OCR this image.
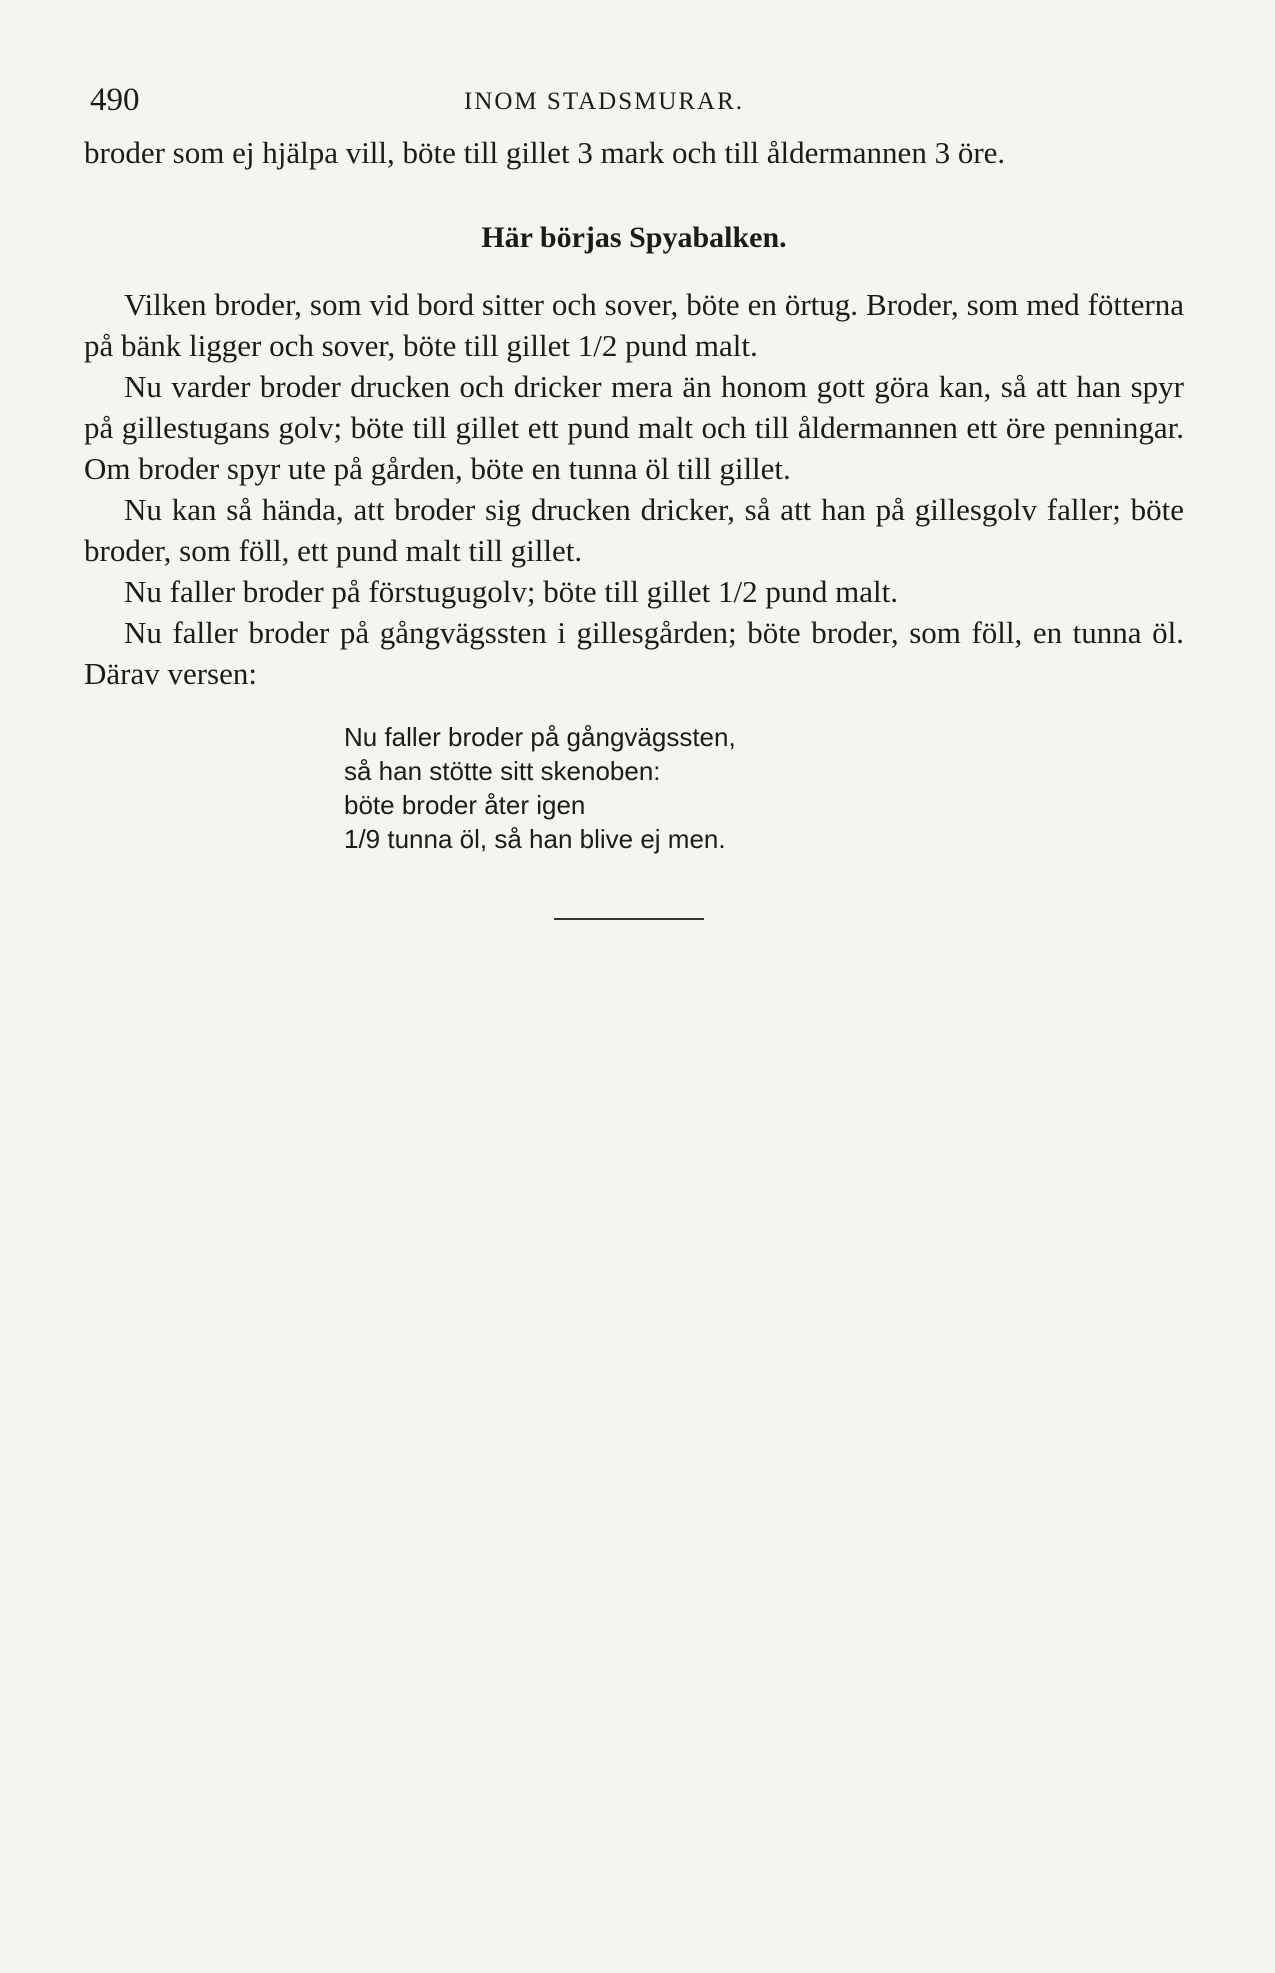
490	INOM STADSMURAR.

broder som ej hjälpa vill, böte till gillet 3 mark och till åldermannen 3 öre.

Här börjas Spyabalken.

Vilken broder, som vid bord sitter och sover, böte en örtug. Broder, som med fötterna på bänk ligger och sover, böte till gillet 1/2 pund malt.

Nu varder broder drucken och dricker mera än honom gott göra kan, så att han spyr på gillestugans golv; böte till gillet ett pund malt och till åldermannen ett öre penningar. Om broder spyr ute på gården, böte en tunna öl till gillet.

Nu kan så hända, att broder sig drucken dricker, så att han på gillesgolv faller; böte broder, som föll, ett pund malt till gillet.

Nu faller broder på förstugugolv; böte till gillet 1/2 pund malt.

Nu faller broder på gångvägssten i gillesgården; böte broder, som föll, en tunna öl. Därav versen:

Nu faller broder på gångvägssten,
så han stötte sitt skenoben:
böte broder åter igen
1/9 tunna öl, så han blive ej men.
